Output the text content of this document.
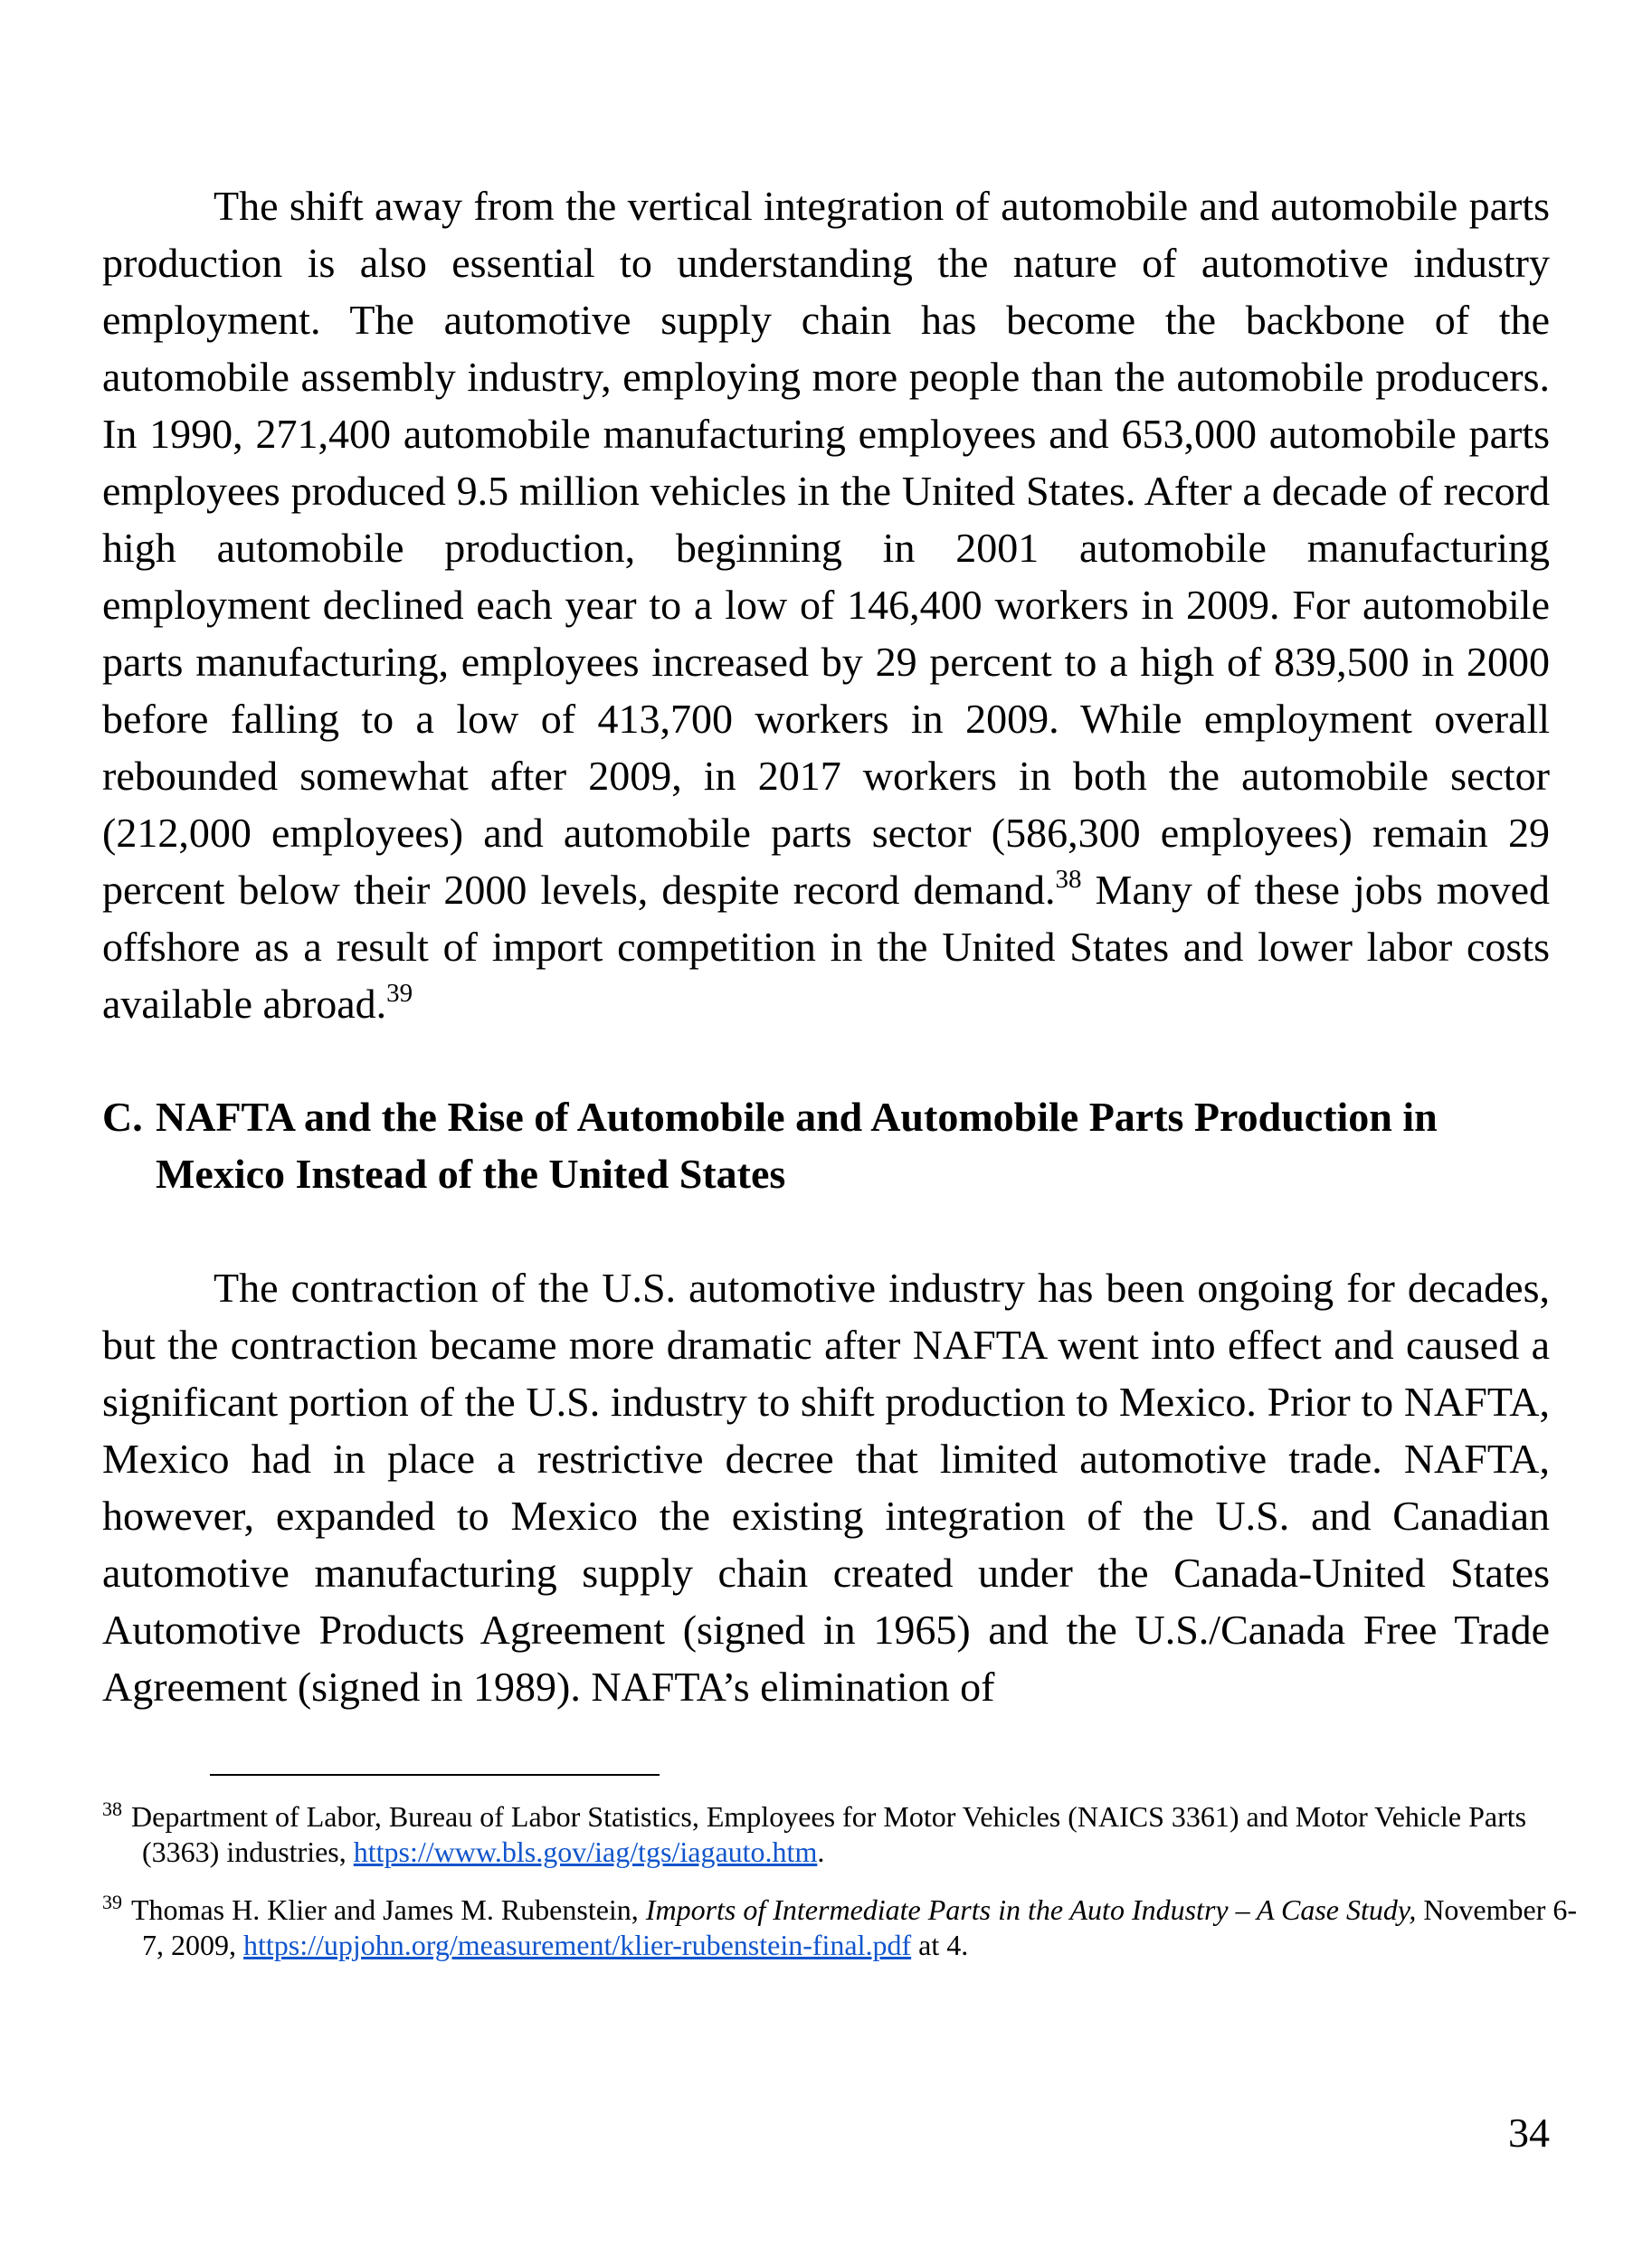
The shift away from the vertical integration of automobile and automobile parts production is also essential to understanding the nature of automotive industry employment. The automotive supply chain has become the backbone of the automobile assembly industry, employing more people than the automobile producers. In 1990, 271,400 automobile manufacturing employees and 653,000 automobile parts employees produced 9.5 million vehicles in the United States. After a decade of record high automobile production, beginning in 2001 automobile manufacturing employment declined each year to a low of 146,400 workers in 2009. For automobile parts manufacturing, employees increased by 29 percent to a high of 839,500 in 2000 before falling to a low of 413,700 workers in 2009. While employment overall rebounded somewhat after 2009, in 2017 workers in both the automobile sector (212,000 employees) and automobile parts sector (586,300 employees) remain 29 percent below their 2000 levels, despite record demand.$^{38}$ Many of these jobs moved offshore as a result of import competition in the United States and lower labor costs available abroad.$^{39}$

C. NAFTA and the Rise of Automobile and Automobile Parts Production in Mexico Instead of the United States

The contraction of the U.S. automotive industry has been ongoing for decades, but the contraction became more dramatic after NAFTA went into effect and caused a significant portion of the U.S. industry to shift production to Mexico. Prior to NAFTA, Mexico had in place a restrictive decree that limited automotive trade. NAFTA, however, expanded to Mexico the existing integration of the U.S. and Canadian automotive manufacturing supply chain created under the Canada-United States Automotive Products Agreement (signed in 1965) and the U.S./Canada Free Trade Agreement (signed in 1989). NAFTA’s elimination of

38 Department of Labor, Bureau of Labor Statistics, Employees for Motor Vehicles (NAICS 3361) and Motor Vehicle Parts (3363) industries, https://www.bls.gov/iag/tgs/iagauto.htm.

39 Thomas H. Klier and James M. Rubenstein, Imports of Intermediate Parts in the Auto Industry – A Case Study, November 6-7, 2009, https://upjohn.org/measurement/klier-rubenstein-final.pdf at 4.

34
